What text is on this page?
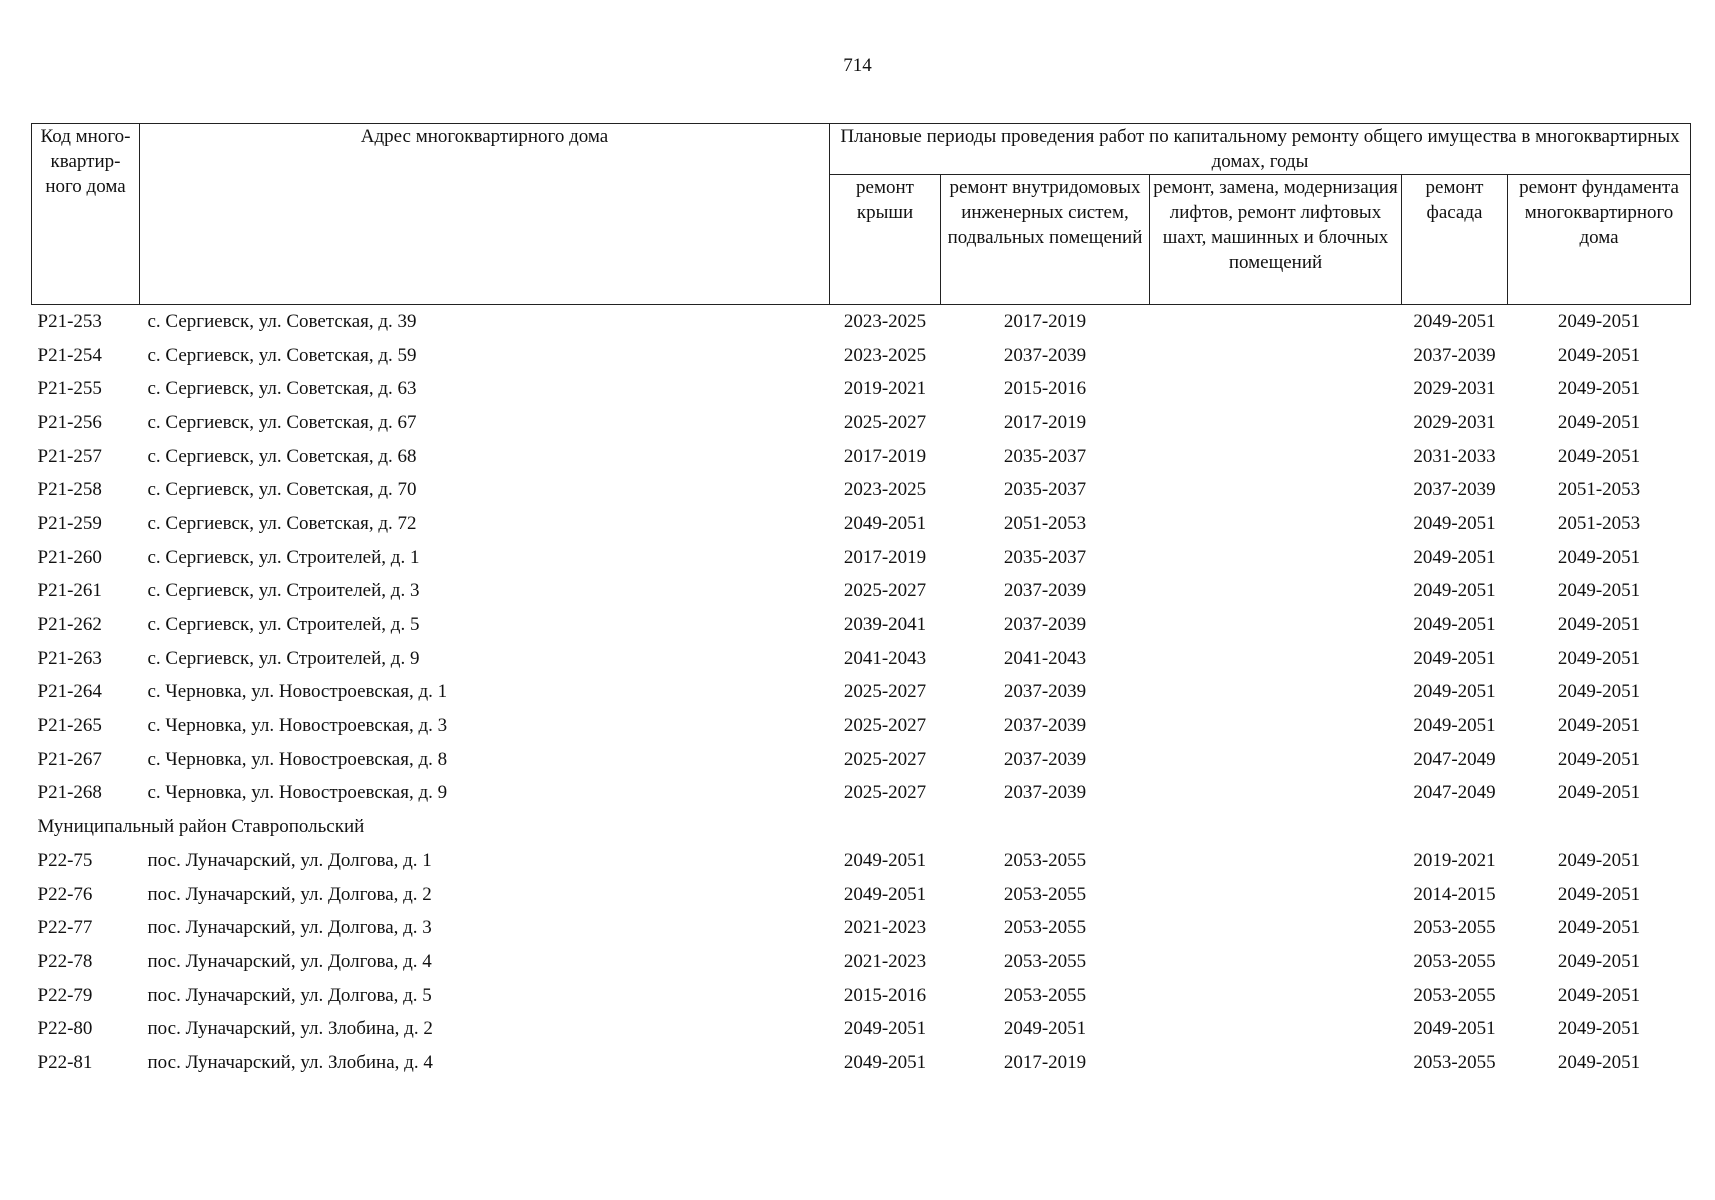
714
Код много-квартир-ного дома	Адрес многоквартирного дома	Плановые периоды проведения работ по капитальному ремонту общего имущества в многоквартирных домах, годы				
		ремонт крыши	ремонт внутридомовых инженерных систем, подвальных помещений	ремонт, замена, модернизация лифтов, ремонт лифтовых шахт, машинных и блочных помещений	ремонт фасада	ремонт фундамента многоквартирного дома
Р21-253	с. Сергиевск, ул. Советская, д. 39	2023-2025	2017-2019		2049-2051	2049-2051
Р21-254	с. Сергиевск, ул. Советская, д. 59	2023-2025	2037-2039		2037-2039	2049-2051
Р21-255	с. Сергиевск, ул. Советская, д. 63	2019-2021	2015-2016		2029-2031	2049-2051
Р21-256	с. Сергиевск, ул. Советская, д. 67	2025-2027	2017-2019		2029-2031	2049-2051
Р21-257	с. Сергиевск, ул. Советская, д. 68	2017-2019	2035-2037		2031-2033	2049-2051
Р21-258	с. Сергиевск, ул. Советская, д. 70	2023-2025	2035-2037		2037-2039	2051-2053
Р21-259	с. Сергиевск, ул. Советская, д. 72	2049-2051	2051-2053		2049-2051	2051-2053
Р21-260	с. Сергиевск, ул. Строителей, д. 1	2017-2019	2035-2037		2049-2051	2049-2051
Р21-261	с. Сергиевск, ул. Строителей, д. 3	2025-2027	2037-2039		2049-2051	2049-2051
Р21-262	с. Сергиевск, ул. Строителей, д. 5	2039-2041	2037-2039		2049-2051	2049-2051
Р21-263	с. Сергиевск, ул. Строителей, д. 9	2041-2043	2041-2043		2049-2051	2049-2051
Р21-264	с. Черновка, ул. Новостроевская, д. 1	2025-2027	2037-2039		2049-2051	2049-2051
Р21-265	с. Черновка, ул. Новостроевская, д. 3	2025-2027	2037-2039		2049-2051	2049-2051
Р21-267	с. Черновка, ул. Новостроевская, д. 8	2025-2027	2037-2039		2047-2049	2049-2051
Р21-268	с. Черновка, ул. Новостроевская, д. 9	2025-2027	2037-2039		2047-2049	2049-2051
Муниципальный район Ставропольский						
Р22-75	пос. Луначарский, ул. Долгова, д. 1	2049-2051	2053-2055		2019-2021	2049-2051
Р22-76	пос. Луначарский, ул. Долгова, д. 2	2049-2051	2053-2055		2014-2015	2049-2051
Р22-77	пос. Луначарский, ул. Долгова, д. 3	2021-2023	2053-2055		2053-2055	2049-2051
Р22-78	пос. Луначарский, ул. Долгова, д. 4	2021-2023	2053-2055		2053-2055	2049-2051
Р22-79	пос. Луначарский, ул. Долгова, д. 5	2015-2016	2053-2055		2053-2055	2049-2051
Р22-80	пос. Луначарский, ул. Злобина, д. 2	2049-2051	2049-2051		2049-2051	2049-2051
Р22-81	пос. Луначарский, ул. Злобина, д. 4	2049-2051	2017-2019		2053-2055	2049-2051
